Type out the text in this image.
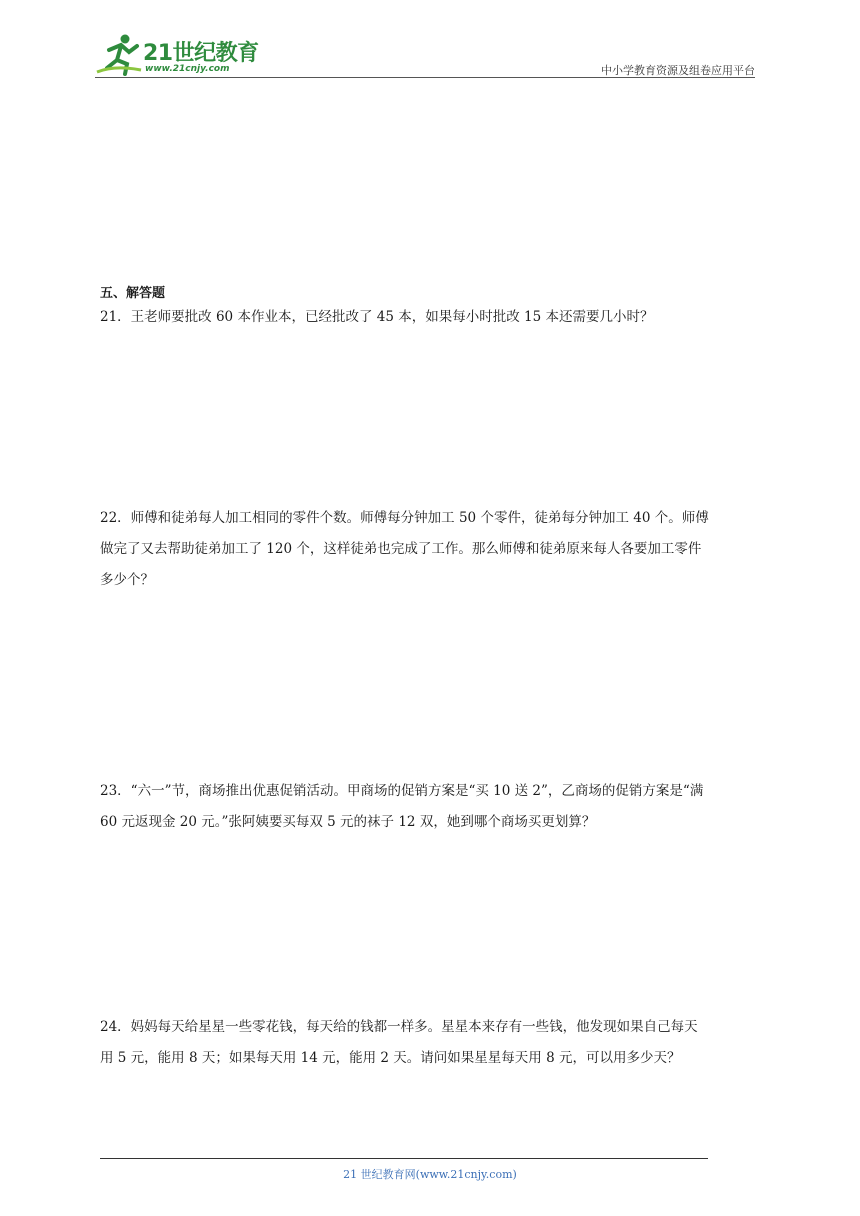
21世纪教育
www.21cnjy.com	中小学教育资源及组卷应用平台
五、解答题

21．王老师要批改 60 本作业本，已经批改了 45 本，如果每小时批改 15 本还需要几小时？

22．师傅和徒弟每人加工相同的零件个数。师傅每分钟加工 50 个零件，徒弟每分钟加工 40 个。师傅

做完了又去帮助徒弟加工了 120 个，这样徒弟也完成了工作。那么师傅和徒弟原来每人各要加工零件

多少个？

23．“六一”节，商场推出优惠促销活动。甲商场的促销方案是“买 10 送 2”，乙商场的促销方案是“满

60 元返现金 20 元。”张阿姨要买每双 5 元的袜子 12 双，她到哪个商场买更划算？

24．妈妈每天给星星一些零花钱，每天给的钱都一样多。星星本来存有一些钱，他发现如果自己每天

用 5 元，能用 8 天；如果每天用 14 元，能用 2 天。请问如果星星每天用 8 元，可以用多少天？

21 世纪教育网(www.21cnjy.com)
